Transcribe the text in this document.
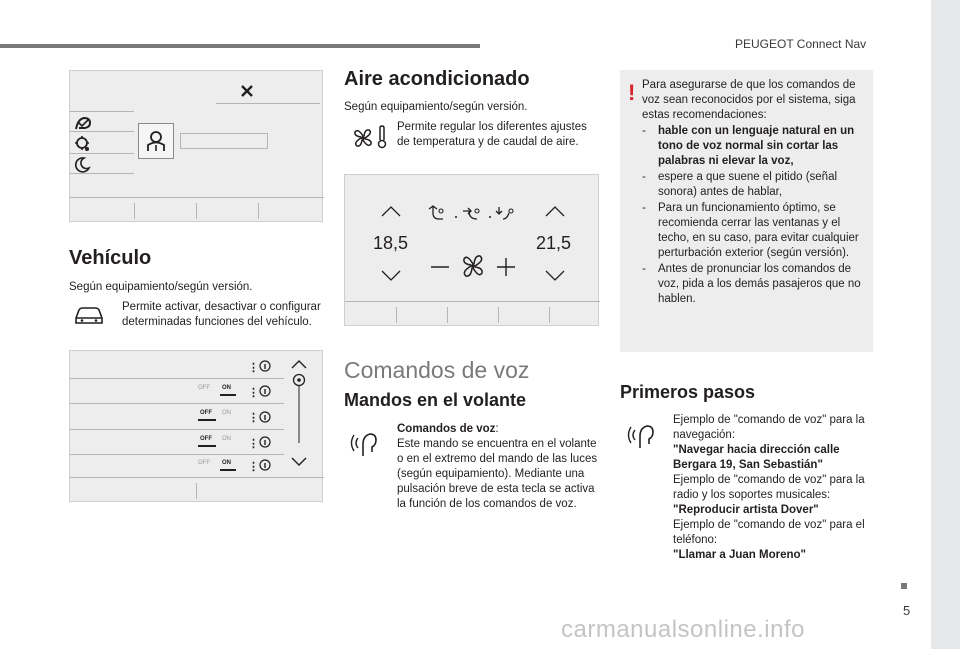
PEUGEOT Connect Nav
Vehículo
Según equipamiento/según versión.
Permite activar, desactivar o configurar determinadas funciones del vehículo.
⋮
OFF ON ⋮
OFF ON ⋮
OFF ON ⋮
OFF ON ⋮
Aire acondicionado
Según equipamiento/según versión.
Permite regular los diferentes ajustes de temperatura y de caudal de aire.
18,5	21,5
Comandos de voz
Mandos en el volante
Comandos de voz:
Este mando se encuentra en el volante o en el extremo del mando de las luces (según equipamiento). Mediante una pulsación breve de esta tecla se activa la función de los comandos de voz.
! Para asegurarse de que los comandos de voz sean reconocidos por el sistema, siga estas recomendaciones:
- hable con un lenguaje natural en un tono de voz normal sin cortar las palabras ni elevar la voz,
- espere a que suene el pitido (señal sonora) antes de hablar,
- Para un funcionamiento óptimo, se recomienda cerrar las ventanas y el techo, en su caso, para evitar cualquier perturbación exterior (según versión).
- Antes de pronunciar los comandos de voz, pida a los demás pasajeros que no hablen.
Primeros pasos
Ejemplo de "comando de voz" para la navegación:
"Navegar hacia dirección calle Bergara 19, San Sebastián"
Ejemplo de "comando de voz" para la radio y los soportes musicales:
"Reproducir artista Dover"
Ejemplo de "comando de voz" para el teléfono:
"Llamar a Juan Moreno"
5
carmanualsonline.info
